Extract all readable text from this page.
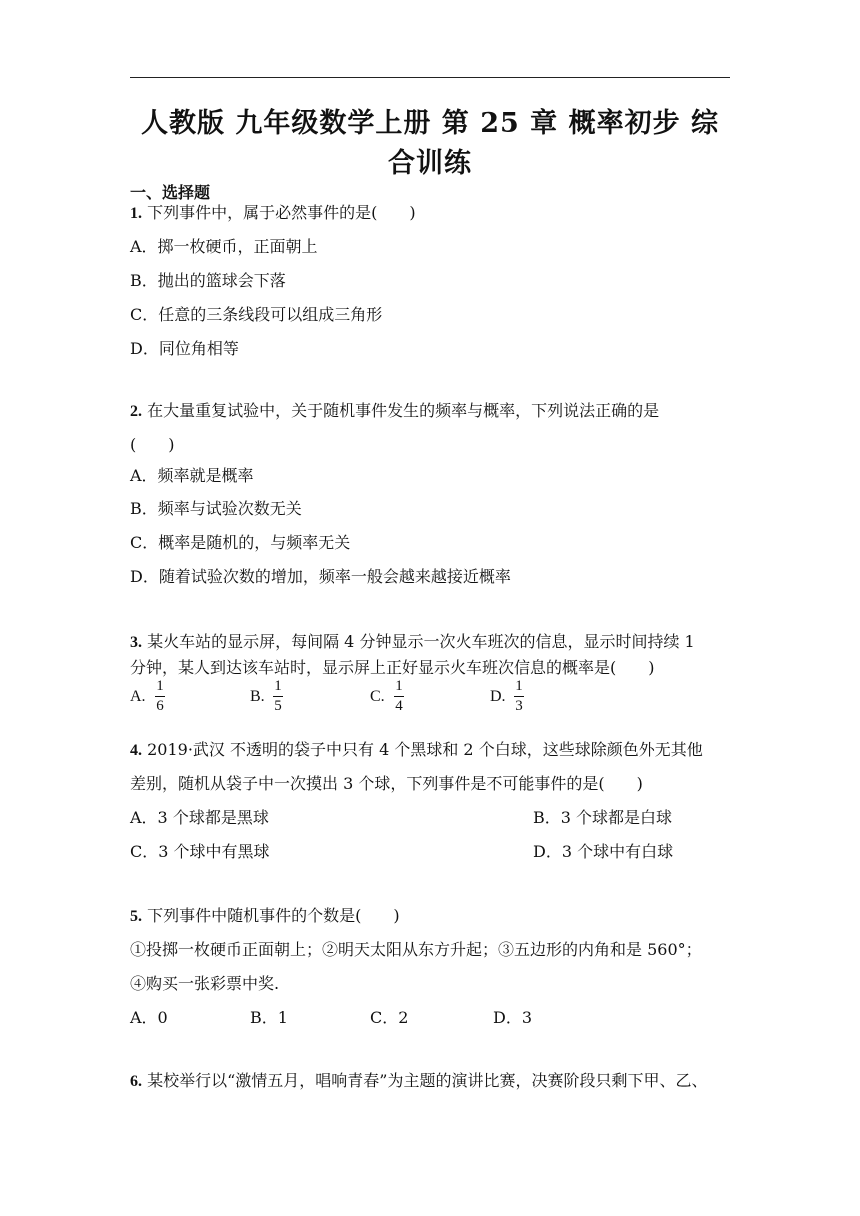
人教版 九年级数学上册 第 25 章 概率初步 综
合训练
一、选择题
1. 下列事件中，属于必然事件的是(　　)
A．掷一枚硬币，正面朝上
B．抛出的篮球会下落
C．任意的三条线段可以组成三角形
D．同位角相等
2. 在大量重复试验中，关于随机事件发生的频率与概率，下列说法正确的是
(　　)
A．频率就是概率
B．频率与试验次数无关
C．概率是随机的，与频率无关
D．随着试验次数的增加，频率一般会越来越接近概率
3. 某火车站的显示屏，每间隔 4 分钟显示一次火车班次的信息，显示时间持续 1
分钟，某人到达该车站时，显示屏上正好显示火车班次信息的概率是(　　)
A.
1
6
B.
1
5
C.
1
4
D.
1
3
4. 2019·武汉 不透明的袋子中只有 4 个黑球和 2 个白球，这些球除颜色外无其他
差别，随机从袋子中一次摸出 3 个球，下列事件是不可能事件的是(　　)
A．3 个球都是黑球	B．3 个球都是白球
C．3 个球中有黑球	D．3 个球中有白球
5. 下列事件中随机事件的个数是(　　)
①投掷一枚硬币正面朝上；②明天太阳从东方升起；③五边形的内角和是 560°；
④购买一张彩票中奖.
A．0	B．1	C．2	D．3
6. 某校举行以“激情五月，唱响青春”为主题的演讲比赛，决赛阶段只剩下甲、乙、
